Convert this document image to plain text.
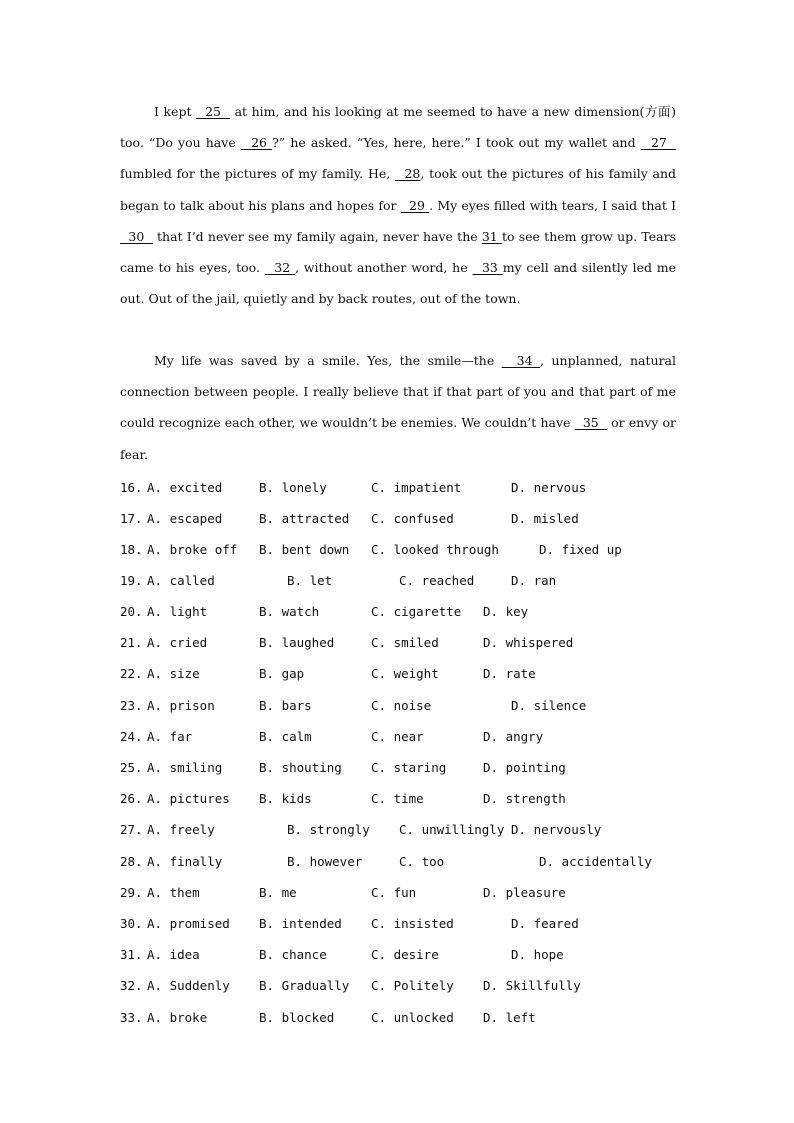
I kept   25   at him, and his looking at me seemed to have a new dimension(方面) too. “Do you have   26 ?” he asked. “Yes, here, here.” I took out my wallet and   27   fumbled for the pictures of my family. He,   28, took out the pictures of his family and began to talk about his plans and hopes for   29 . My eyes filled with tears, I said that I   30   that I’d never see my family again, never have the 31 to see them grow up. Tears came to his eyes, too.   32 , without another word, he   33 my cell and silently led me out. Out of the jail, quietly and by back routes, out of the town.

My life was saved by a smile. Yes, the smile—the   34 , unplanned, natural connection between people. I really believe that if that part of you and that part of me could recognize each other, we wouldn’t be enemies. We couldn’t have   35   or envy or fear.

16. A. excited	B. lonely	C. impatient	D. nervous
17. A. escaped	B. attracted C. confused	D. misled
18. A. broke off B. bent down C. looked through	D. fixed up
19. A. called	B. let	C. reached	D. ran
20. A. light	B. watch	C. cigarette D. key
21. A. cried	B. laughed	C. smiled	D. whispered
22. A. size	B. gap	C. weight	D. rate
23. A. prison	B. bars	C. noise	D. silence
24. A. far	B. calm	C. near	D. angry
25. A. smiling	B. shouting C. staring	D. pointing
26. A. pictures B. kids	C. time	D. strength
27. A. freely	B. strongly C. unwillingly D. nervously
28. A. finally	B. however	C. too	D. accidentally
29. A. them	B. me	C. fun	D. pleasure
30. A. promised B. intended C. insisted	D. feared
31. A. idea	B. chance	C. desire	D. hope
32. A. Suddenly B. Gradually C. Politely D. Skillfully
33. A. broke	B. blocked	C. unlocked D. left
